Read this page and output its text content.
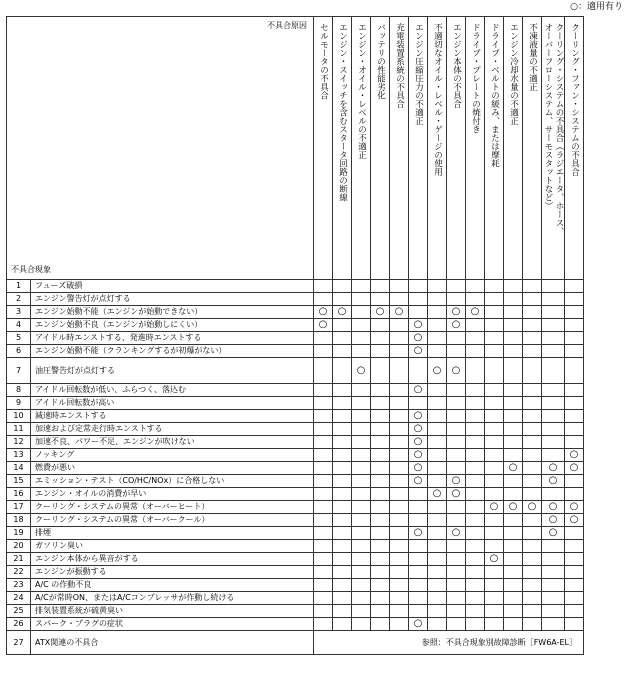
○：適用有り
不具合原因
不具合現象		セルモータの不具合	エンジン・スイッチを含むスタータ回路の断線	エンジン・オイル・レベルの不適正	バッテリの性能劣化	充電装置系統の不具合	エンジン圧縮圧力の不適正	不適切なオイル・レベル・ゲージの使用	エンジン本体の不具合	ドライブ・プレートの焼付き	ドライブ・ベルトの緩み、または摩耗	エンジン冷却水量の不適正	不凍液量の不適正	クーリング・システムの不具合（ラジエータ、ホース、
オーバーフローシステム、サーモスタットなど）	クーリング・ファン・システムの不具合

1	フューズ破損														
2	エンジン警告灯が点灯する														
3	エンジン始動不能（エンジンが始動できない）	○	○		○	○			○	○					
4	エンジン始動不良（エンジンが始動しにくい）	○					○		○						
5	アイドル時エンストする、発進時エンストする						○								
6	エンジン始動不能（クランキングするが初爆がない）						○								
7	油圧警告灯が点灯する			○				○	○						
8	アイドル回転数が低い、ふらつく、落込む						○								
9	アイドル回転数が高い														
10	減速時エンストする						○								
11	加速および定常走行時エンストする						○								
12	加速不良、パワー不足、エンジンが吹けない						○								
13	ノッキング						○								○
14	燃費が悪い						○					○		○	○
15	エミッション・テスト（CO/HC/NOx）に合格しない						○		○					○	
16	エンジン・オイルの消費が早い							○	○						
17	クーリング・システムの異常（オーバーヒート）										○	○	○	○	○
18	クーリング・システムの異常（オーバークール）													○	○
19	排煙						○		○					○	
20	ガソリン臭い														
21	エンジン本体から異音がする										○				
22	エンジンが振動する														
23	A/C の作動不良														
24	A/Cが常時ON、またはA/Cコンプレッサが作動し続ける														
25	排気装置系統が硫黄臭い														
26	スパーク・プラグの症状						○								
27	ATX関連の不具合	参照：不具合現象別故障診断［FW6A-EL］													
